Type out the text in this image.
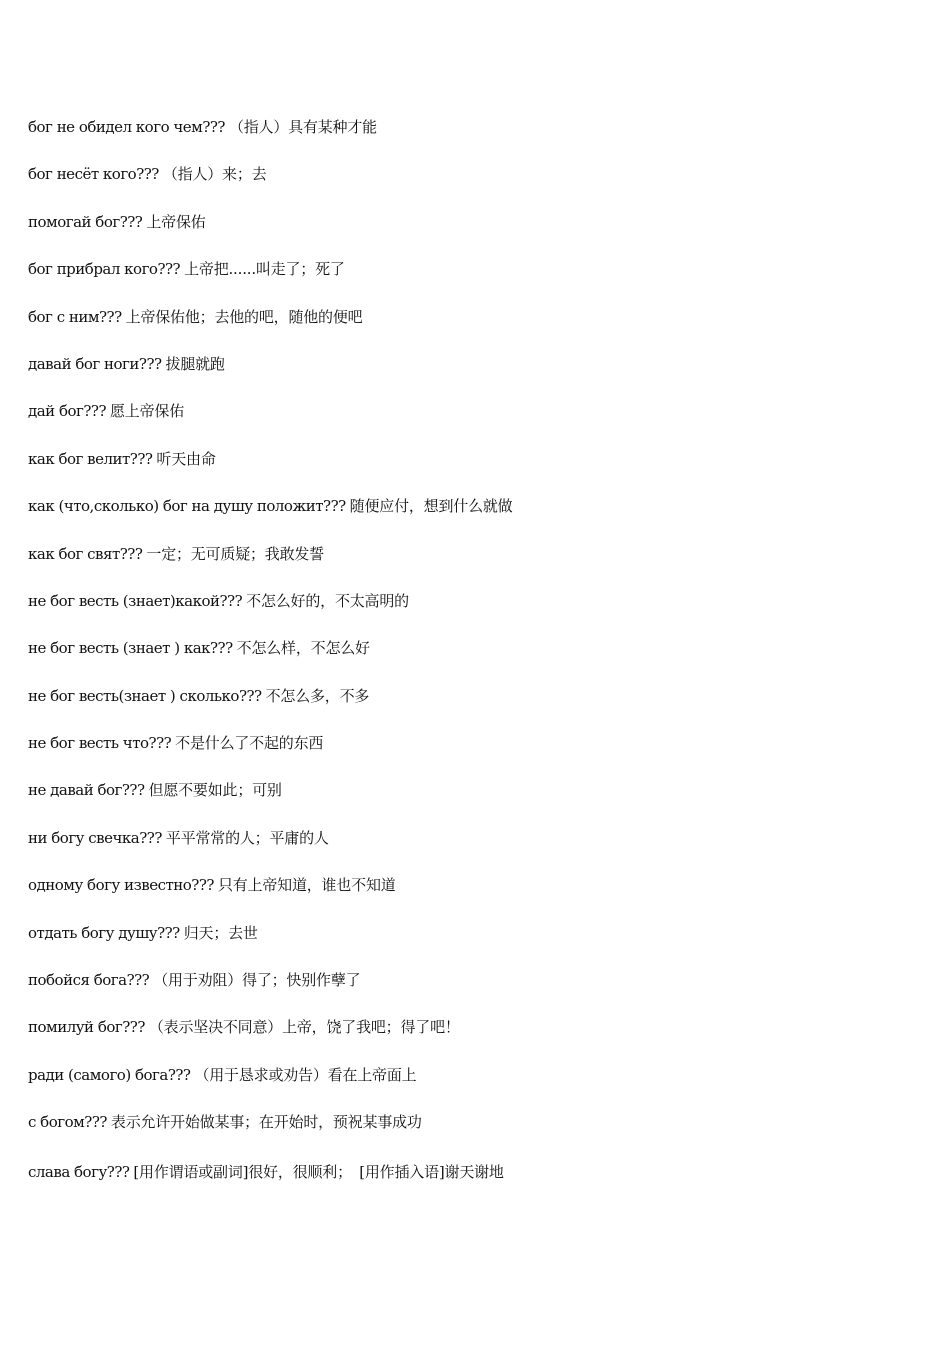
бог не обидел кого чем??? （指人）具有某种才能
бог несёт кого??? （指人）来；去
помогай бог??? 上帝保佑
бог прибрал кого??? 上帝把......叫走了；死了
бог с ним??? 上帝保佑他；去他的吧，随他的便吧
давай бог ноги??? 拔腿就跑
дай бог??? 愿上帝保佑
как бог велит??? 听天由命
как (что,сколько) бог на душу положит??? 随便应付，想到什么就做
как бог свят??? 一定；无可质疑；我敢发誓
не бог весть (знает)какой??? 不怎么好的，不太高明的
не бог весть (знает ) как??? 不怎么样，不怎么好
не бог весть(знает ) сколько??? 不怎么多，不多
не бог весть что??? 不是什么了不起的东西
не давай бог??? 但愿不要如此；可别
ни богу свечка??? 平平常常的人；平庸的人
одному богу известно??? 只有上帝知道，谁也不知道
отдать богу душу??? 归天；去世
побойся бога??? （用于劝阻）得了；快别作孽了
помилуй бог??? （表示坚决不同意）上帝，饶了我吧；得了吧！
ради (самого) бога??? （用于恳求或劝告）看在上帝面上
с богом??? 表示允许开始做某事；在开始时，预祝某事成功
слава богу??? [用作谓语或副词]很好，很顺利；　[用作插入语]谢天谢地
